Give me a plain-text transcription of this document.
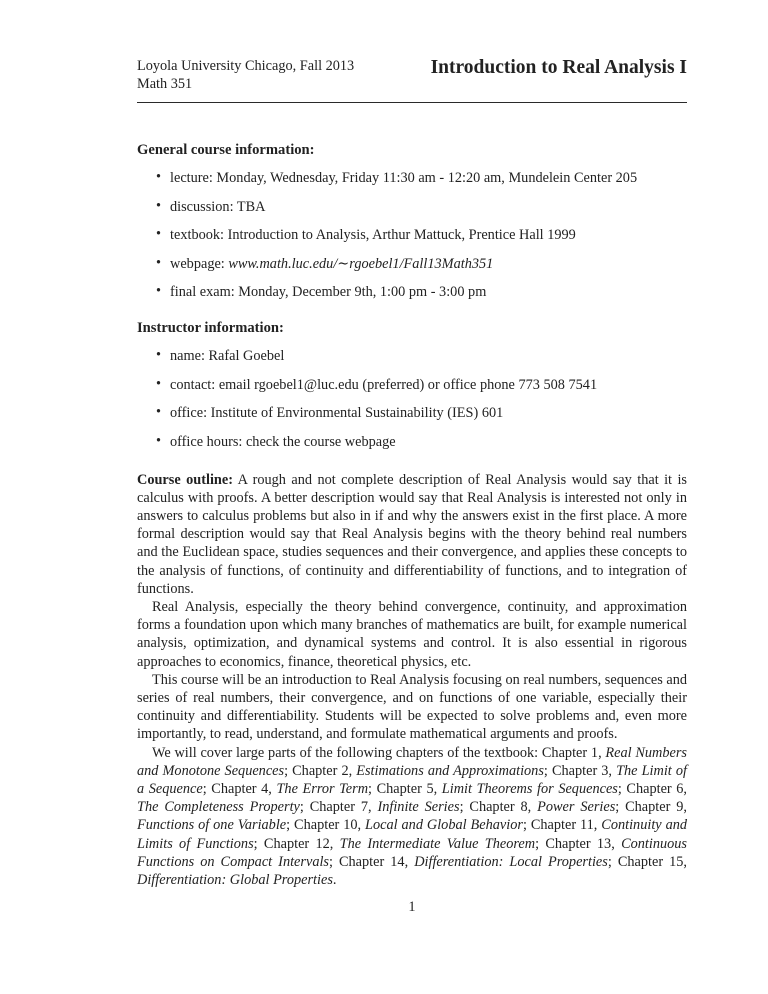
Loyola University Chicago, Fall 2013
Math 351
Introduction to Real Analysis I
General course information:
• lecture: Monday, Wednesday, Friday 11:30 am - 12:20 am, Mundelein Center 205
• discussion: TBA
• textbook: Introduction to Analysis, Arthur Mattuck, Prentice Hall 1999
• webpage: www.math.luc.edu/∼rgoebel1/Fall13Math351
• final exam: Monday, December 9th, 1:00 pm - 3:00 pm
Instructor information:
• name: Rafal Goebel
• contact: email rgoebel1@luc.edu (preferred) or office phone 773 508 7541
• office: Institute of Environmental Sustainability (IES) 601
• office hours: check the course webpage

Course outline: A rough and not complete description of Real Analysis would say that it is calculus with proofs. A better description would say that Real Analysis is interested not only in answers to calculus problems but also in if and why the answers exist in the first place. A more formal description would say that Real Analysis begins with the theory behind real numbers and the Euclidean space, studies sequences and their convergence, and applies these concepts to the analysis of functions, of continuity and differentiability of functions, and to integration of functions.

Real Analysis, especially the theory behind convergence, continuity, and approximation forms a foundation upon which many branches of mathematics are built, for example numerical analysis, optimization, and dynamical systems and control. It is also essential in rigorous approaches to economics, finance, theoretical physics, etc.

This course will be an introduction to Real Analysis focusing on real numbers, sequences and series of real numbers, their convergence, and on functions of one variable, especially their continuity and differentiability. Students will be expected to solve problems and, even more importantly, to read, understand, and formulate mathematical arguments and proofs.

We will cover large parts of the following chapters of the textbook: Chapter 1, Real Numbers and Monotone Sequences; Chapter 2, Estimations and Approximations; Chapter 3, The Limit of a Sequence; Chapter 4, The Error Term; Chapter 5, Limit Theorems for Sequences; Chapter 6, The Completeness Property; Chapter 7, Infinite Series; Chapter 8, Power Series; Chapter 9, Functions of one Variable; Chapter 10, Local and Global Behavior; Chapter 11, Continuity and Limits of Functions; Chapter 12, The Intermediate Value Theorem; Chapter 13, Continuous Functions on Compact Intervals; Chapter 14, Differentiation: Local Properties; Chapter 15, Differentiation: Global Properties.

1
